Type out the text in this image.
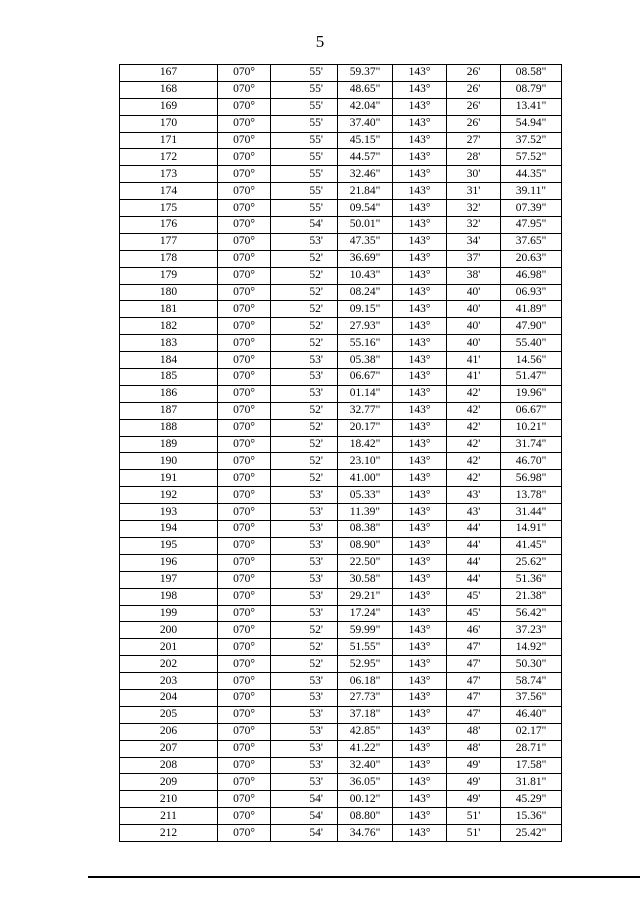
5
167	070°	55'	59.37"	143°	26'	08.58"
168	070°	55'	48.65"	143°	26'	08.79"
169	070°	55'	42.04"	143°	26'	13.41"
170	070°	55'	37.40"	143°	26'	54.94"
171	070°	55'	45.15"	143°	27'	37.52"
172	070°	55'	44.57"	143°	28'	57.52"
173	070°	55'	32.46"	143°	30'	44.35"
174	070°	55'	21.84"	143°	31'	39.11"
175	070°	55'	09.54"	143°	32'	07.39"
176	070°	54'	50.01"	143°	32'	47.95"
177	070°	53'	47.35"	143°	34'	37.65"
178	070°	52'	36.69"	143°	37'	20.63"
179	070°	52'	10.43"	143°	38'	46.98"
180	070°	52'	08.24"	143°	40'	06.93"
181	070°	52'	09.15"	143°	40'	41.89"
182	070°	52'	27.93"	143°	40'	47.90"
183	070°	52'	55.16"	143°	40'	55.40"
184	070°	53'	05.38"	143°	41'	14.56"
185	070°	53'	06.67"	143°	41'	51.47"
186	070°	53'	01.14"	143°	42'	19.96"
187	070°	52'	32.77"	143°	42'	06.67"
188	070°	52'	20.17"	143°	42'	10.21"
189	070°	52'	18.42"	143°	42'	31.74"
190	070°	52'	23.10"	143°	42'	46.70"
191	070°	52'	41.00"	143°	42'	56.98"
192	070°	53'	05.33"	143°	43'	13.78"
193	070°	53'	11.39"	143°	43'	31.44"
194	070°	53'	08.38"	143°	44'	14.91"
195	070°	53'	08.90"	143°	44'	41.45"
196	070°	53'	22.50"	143°	44'	25.62"
197	070°	53'	30.58"	143°	44'	51.36"
198	070°	53'	29.21"	143°	45'	21.38"
199	070°	53'	17.24"	143°	45'	56.42"
200	070°	52'	59.99"	143°	46'	37.23"
201	070°	52'	51.55"	143°	47'	14.92"
202	070°	52'	52.95"	143°	47'	50.30"
203	070°	53'	06.18"	143°	47'	58.74"
204	070°	53'	27.73"	143°	47'	37.56"
205	070°	53'	37.18"	143°	47'	46.40"
206	070°	53'	42.85"	143°	48'	02.17"
207	070°	53'	41.22"	143°	48'	28.71"
208	070°	53'	32.40"	143°	49'	17.58"
209	070°	53'	36.05"	143°	49'	31.81"
210	070°	54'	00.12"	143°	49'	45.29"
211	070°	54'	08.80"	143°	51'	15.36"
212	070°	54'	34.76"	143°	51'	25.42"
